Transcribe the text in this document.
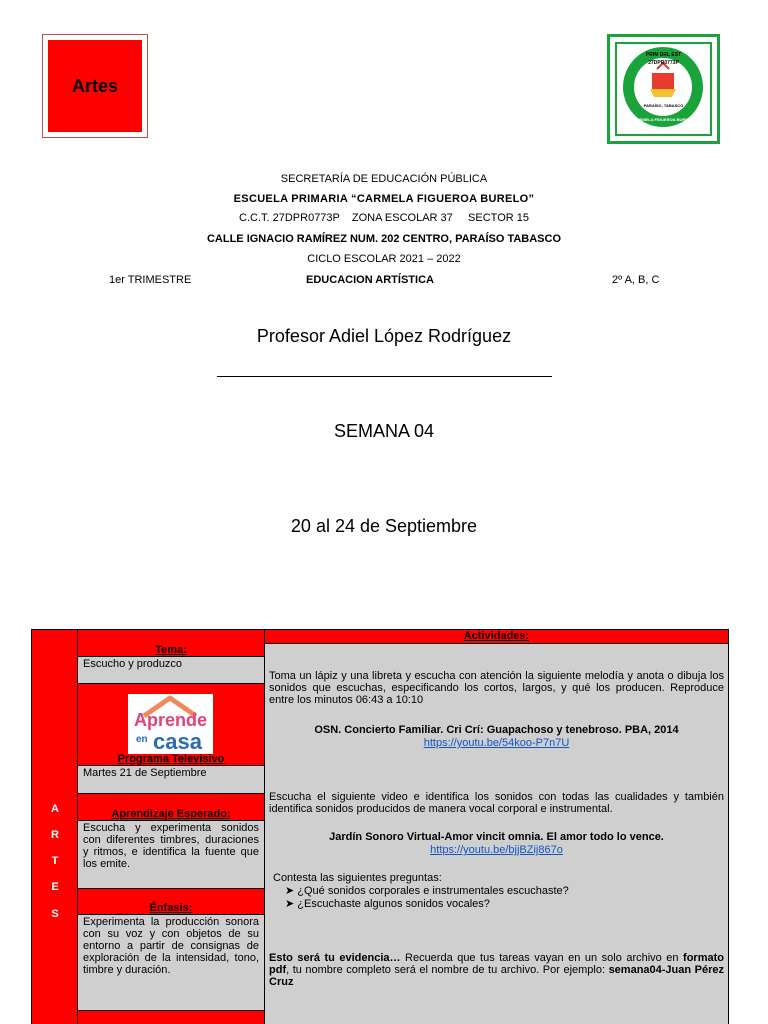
Artes
PRIM DRL EST
27DPR0773P
PARAÍSO, TABASCO
CARMELA FIGUEROA BURELO
SECRETARÍA DE EDUCACIÓN PÚBLICA
ESCUELA PRIMARIA “CARMELA FIGUEROA BURELO”
C.C.T. 27DPR0773P    ZONA ESCOLAR 37     SECTOR 15
CALLE IGNACIO RAMÍREZ NUM. 202 CENTRO, PARAÍSO TABASCO
CICLO ESCOLAR 2021 – 2022
1er TRIMESTRE	EDUCACION ARTÍSTICA	2º A, B, C
Profesor Adiel López Rodríguez
SEMANA 04
20 al 24 de Septiembre
A
R
T
E
S
Tema:
Escucho y produzco
Aprende
en casa
Programa Televisivo
Martes 21 de Septiembre
Aprendizaje Esperado:
Escucha y experimenta sonidos con diferentes timbres, duraciones y ritmos, e identifica la fuente que los emite.
Énfasis:
Experimenta la producción sonora con su voz y con objetos de su entorno a partir de consignas de exploración de la intensidad, tono, timbre y duración.
Actividades:
Toma un lápiz y una libreta y escucha con atención la siguiente melodía y anota o dibuja los sonidos que escuchas, especificando los cortos, largos, y qué los producen. Reproduce entre los minutos 06:43 a 10:10
OSN. Concierto Familiar. Cri Crí: Guapachoso y tenebroso. PBA, 2014
https://youtu.be/54koo-P7n7U
Escucha el siguiente video e identifica los sonidos con todas las cualidades y también identifica sonidos producidos de manera vocal corporal e instrumental.
Jardín Sonoro Virtual-Amor vincit omnia. El amor todo lo vence.
https://youtu.be/bjjBZij867o
Contesta las siguientes preguntas:
➤ ¿Qué sonidos corporales e instrumentales escuchaste?
➤ ¿Escuchaste algunos sonidos vocales?
Esto será tu evidencia… Recuerda que tus tareas vayan en un solo archivo en formato pdf, tu nombre completo será el nombre de tu archivo. Por ejemplo: semana04-Juan Pérez Cruz
